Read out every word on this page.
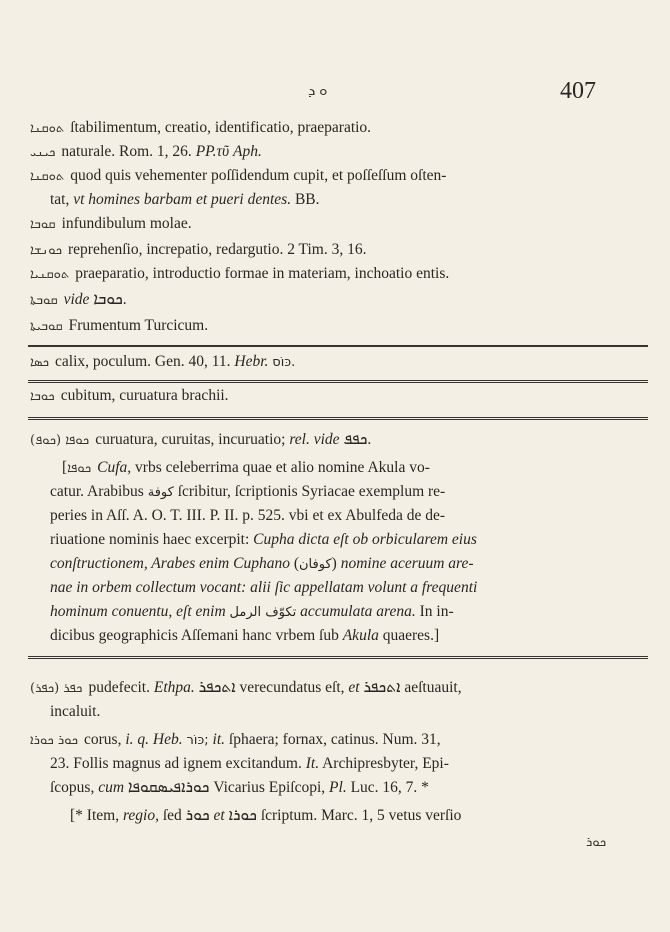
ܘ ܕ	407
ܬܘܩܢܐ ſtabilimentum, creatio, identificatio, praeparatio.
ܟܝܢܝ naturale. Rom. 1, 26. PP.τῦ Aph.
ܬܘܩܢܐ quod quis vehementer poſſidendum cupit, et poſſeſſum oſten-
tat, vt homines barbam et pueri dentes. BB.
ܩܘܒܐ infundibulum molae.
ܟܘܢܫܐ reprehenſio, increpatio, redargutio. 2 Tim. 3, 16.
ܬܘܩܢܝܐ praeparatio, introductio formae in materiam, inchoatio entis.
ܩܘܒܬܐ vide ܟܘܒܐ.
ܩܘܒܝܬܐ Frumentum Turcicum.
ܟܣܐ calix, poculum. Gen. 40, 11. Hebr. כּוֹס.
ܟܘܒܐ cubitum, curuatura brachii.
(ܟܘܦ) ܟܘܦܐ curuatura, curuitas, incuruatio; rel. vide ܟܦܦ.
[ܟܘܦܐ Cufa, vrbs celeberrima quae et alio nomine Akula vo-
catur. Arabibus كوفة ſcribitur, ſcriptionis Syriacae exemplum re-
peries in Aſſ. A. O. T. III. P. II. p. 525. vbi et ex Abulfeda de de-
riuatione nominis haec excerpit: Cupha dicta eſt ob orbicularem eius
conſtructionem, Arabes enim Cuphano (كوفان) nomine aceruum are-
nae in orbem collectum vocant: alii ſic appellatam volunt a frequenti
hominum conuentu, eſt enim تكوّف الرمل accumulata arena. In in-
dicibus geographicis Aſſemani hanc vrbem ſub Akula quaeres.]
(ܟܦܪ) ܟܦܪ pudefecit. Ethpa. ܐܬܟܦܪ verecundatus eſt, et ܐܬܟܦܪ aeſtuauit,
incaluit.
ܟܘܪ ܟܘܪܐ corus, i. q. Heb. כּוֹר; it. ſphaera; fornax, catinus. Num. 31,
23. Follis magnus ad ignem excitandum. It. Archipresbyter, Epi-
ſcopus, cum ܟܘܪܐܦܝܣܩܘܦܐ Vicarius Epiſcopi, Pl. Luc. 16, 7. *
[* Item, regio, ſed ܟܘܪ et ܟܘܪܐ ſcriptum. Marc. 1, 5 vetus verſio
ܟܘܪ
